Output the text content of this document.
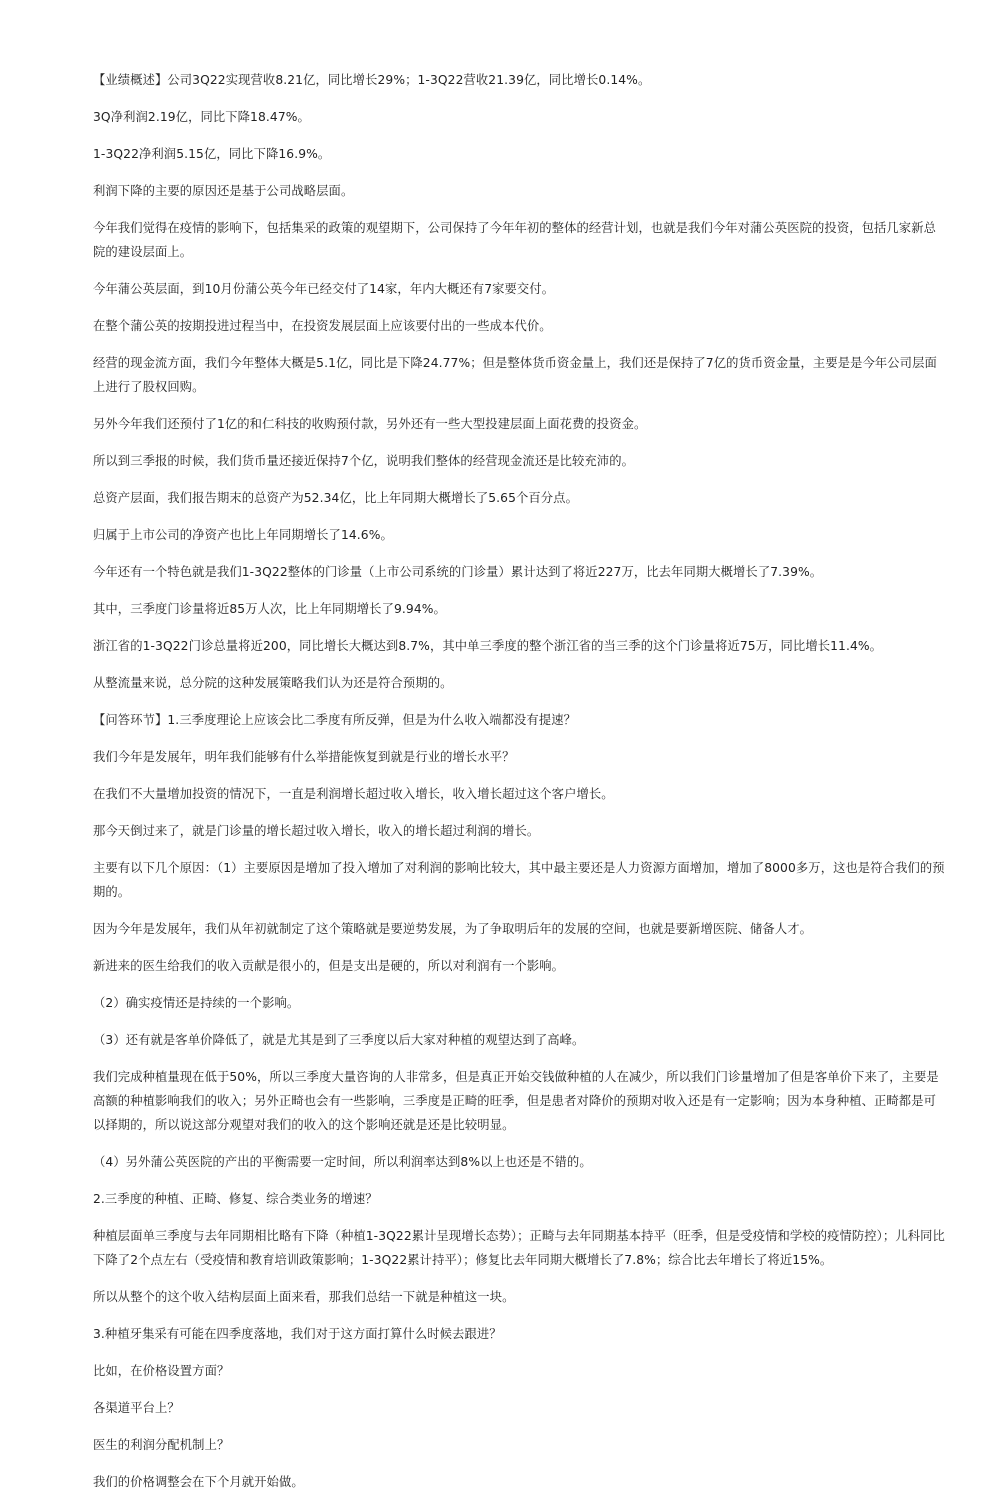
【业绩概述】公司3Q22实现营收8.21亿，同比增长29%；1-3Q22营收21.39亿，同比增长0.14%。

3Q净利润2.19亿，同比下降18.47%。

1-3Q22净利润5.15亿，同比下降16.9%。

利润下降的主要的原因还是基于公司战略层面。

今年我们觉得在疫情的影响下，包括集采的政策的观望期下，公司保持了今年年初的整体的经营计划，也就是我们今年对蒲公英医院的投资，包括几家新总院的建设层面上。

今年蒲公英层面，到10月份蒲公英今年已经交付了14家，年内大概还有7家要交付。

在整个蒲公英的按期投进过程当中，在投资发展层面上应该要付出的一些成本代价。

经营的现金流方面，我们今年整体大概是5.1亿，同比是下降24.77%；但是整体货币资金量上，我们还是保持了7亿的货币资金量，主要是是今年公司层面上进行了股权回购。

另外今年我们还预付了1亿的和仁科技的收购预付款，另外还有一些大型投建层面上面花费的投资金。

所以到三季报的时候，我们货币量还接近保持7个亿，说明我们整体的经营现金流还是比较充沛的。

总资产层面，我们报告期末的总资产为52.34亿，比上年同期大概增长了5.65个百分点。

归属于上市公司的净资产也比上年同期增长了14.6%。

今年还有一个特色就是我们1-3Q22整体的门诊量（上市公司系统的门诊量）累计达到了将近227万，比去年同期大概增长了7.39%。

其中，三季度门诊量将近85万人次，比上年同期增长了9.94%。

浙江省的1-3Q22门诊总量将近200，同比增长大概达到8.7%，其中单三季度的整个浙江省的当三季的这个门诊量将近75万，同比增长11.4%。

从整流量来说，总分院的这种发展策略我们认为还是符合预期的。

【问答环节】1.三季度理论上应该会比二季度有所反弹，但是为什么收入端都没有提速？

我们今年是发展年，明年我们能够有什么举措能恢复到就是行业的增长水平？

在我们不大量增加投资的情况下，一直是利润增长超过收入增长，收入增长超过这个客户增长。

那今天倒过来了，就是门诊量的增长超过收入增长，收入的增长超过利润的增长。

主要有以下几个原因：（1）主要原因是增加了投入增加了对利润的影响比较大，其中最主要还是人力资源方面增加，增加了8000多万，这也是符合我们的预期的。

因为今年是发展年，我们从年初就制定了这个策略就是要逆势发展，为了争取明后年的发展的空间，也就是要新增医院、储备人才。

新进来的医生给我们的收入贡献是很小的，但是支出是硬的，所以对利润有一个影响。

（2）确实疫情还是持续的一个影响。

（3）还有就是客单价降低了，就是尤其是到了三季度以后大家对种植的观望达到了高峰。

我们完成种植量现在低于50%，所以三季度大量咨询的人非常多，但是真正开始交钱做种植的人在减少，所以我们门诊量增加了但是客单价下来了，主要是高额的种植影响我们的收入；另外正畸也会有一些影响，三季度是正畸的旺季，但是患者对降价的预期对收入还是有一定影响；因为本身种植、正畸都是可以择期的，所以说这部分观望对我们的收入的这个影响还就是还是比较明显。

（4）另外蒲公英医院的产出的平衡需要一定时间，所以利润率达到8%以上也还是不错的。

2.三季度的种植、正畸、修复、综合类业务的增速？

种植层面单三季度与去年同期相比略有下降（种植1-3Q22累计呈现增长态势）；正畸与去年同期基本持平（旺季，但是受疫情和学校的疫情防控）；儿科同比下降了2个点左右（受疫情和教育培训政策影响；1-3Q22累计持平）；修复比去年同期大概增长了7.8%；综合比去年增长了将近15%。

所以从整个的这个收入结构层面上面来看，那我们总结一下就是种植这一块。

3.种植牙集采有可能在四季度落地，我们对于这方面打算什么时候去跟进？

比如，在价格设置方面？

各渠道平台上？

医生的利润分配机制上？

我们的价格调整会在下个月就开始做。
